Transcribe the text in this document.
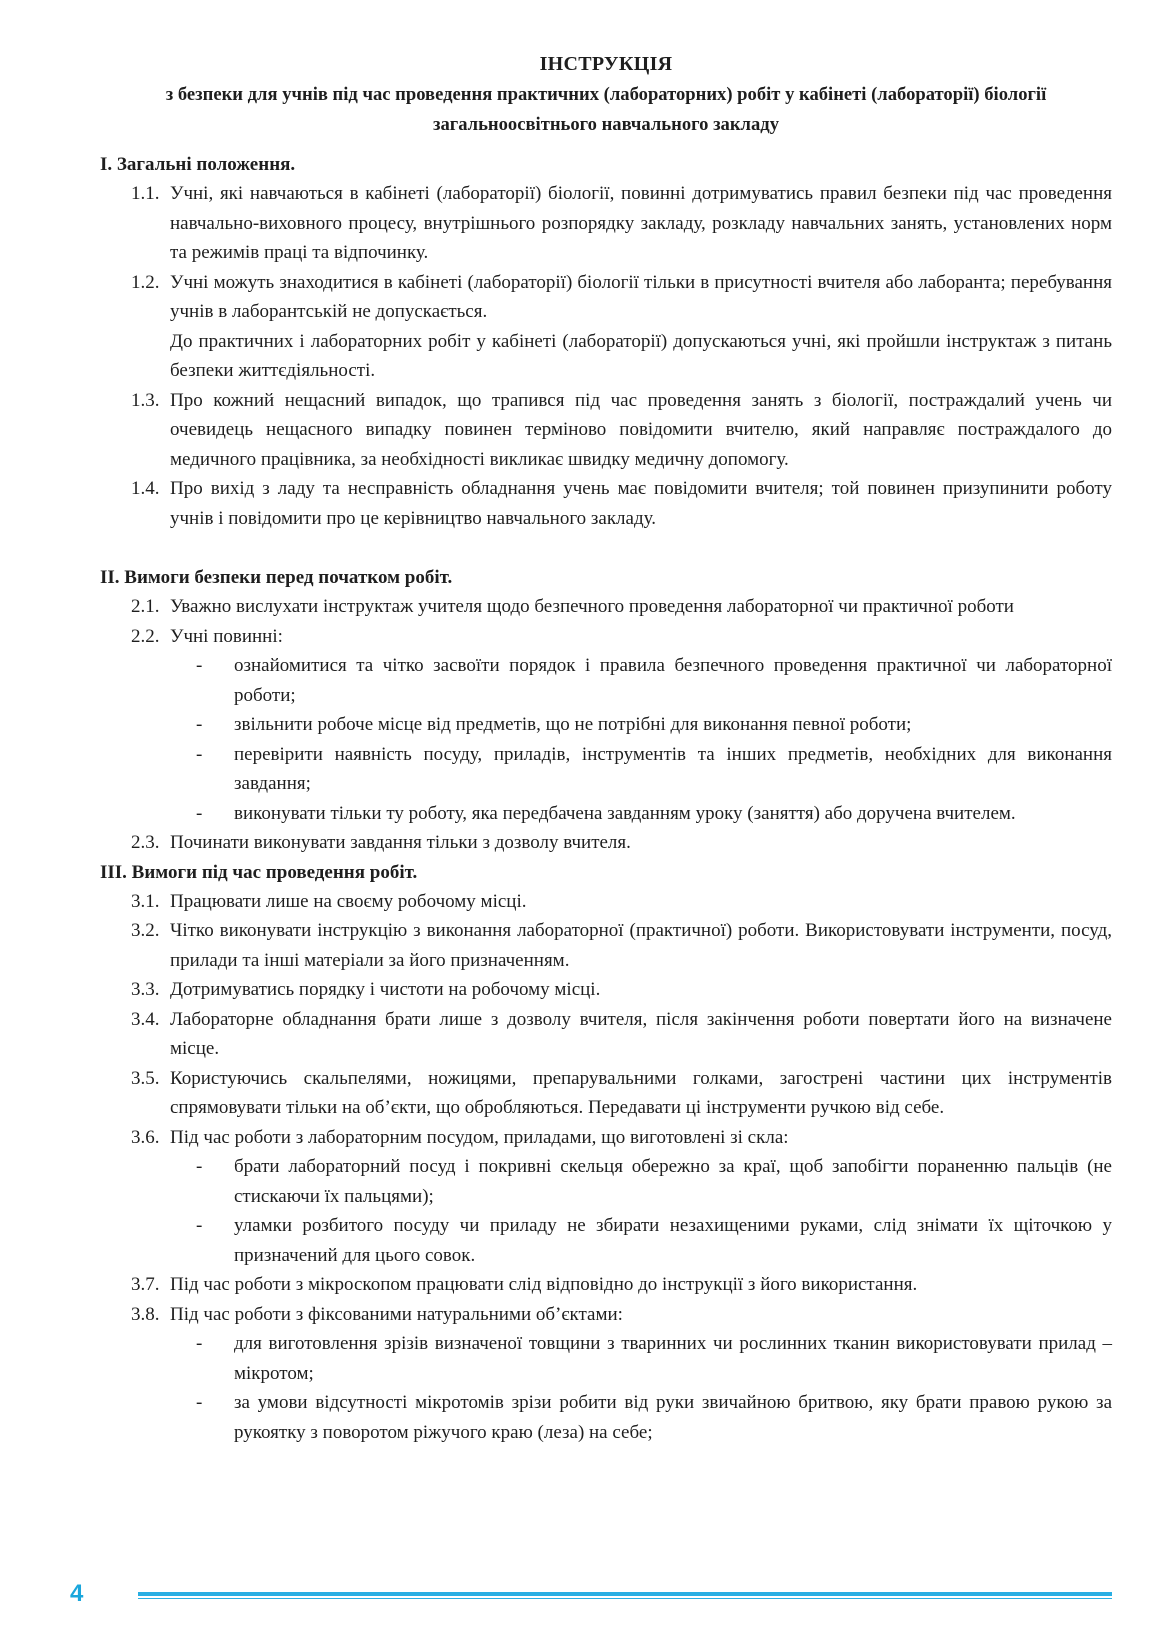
ІНСТРУКЦІЯ
з безпеки для учнів під час проведення практичних (лабораторних) робіт у кабінеті (лабораторії) біології
загальноосвітнього навчального закладу
I. Загальні положення.
1.1. Учні, які навчаються в кабінеті (лабораторії) біології, повинні дотримуватись правил безпеки під час проведення навчально-виховного процесу, внутрішнього розпорядку закладу, розкладу навчальних занять, установлених норм та режимів праці та відпочинку.

1.2. Учні можуть знаходитися в кабінеті (лабораторії) біології тільки в присутності вчителя або лаборанта; перебування учнів в лаборантській не допускається.

До практичних і лабораторних робіт у кабінеті (лабораторії) допускаються учні, які пройшли інструктаж з питань безпеки життєдіяльності.

1.3. Про кожний нещасний випадок, що трапився під час проведення занять з біології, постраждалий учень чи очевидець нещасного випадку повинен терміново повідомити вчителю, який направляє постраждалого до медичного працівника, за необхідності викликає швидку медичну допомогу.

1.4. Про вихід з ладу та несправність обладнання учень має повідомити вчителя; той повинен призупинити роботу учнів і повідомити про це керівництво навчального закладу.

II. Вимоги безпеки перед початком робіт.
2.1. Уважно вислухати інструктаж учителя щодо безпечного проведення лабораторної чи практичної роботи

2.2. Учні повинні:

- ознайомитися та чітко засвоїти порядок і правила безпечного проведення практичної чи лабораторної роботи;
- звільнити робоче місце від предметів, що не потрібні для виконання певної роботи;
- перевірити наявність посуду, приладів, інструментів та інших предметів, необхідних для виконання завдання;
- виконувати тільки ту роботу, яка передбачена завданням уроку (заняття) або доручена вчителем.
2.3. Починати виконувати завдання тільки з дозволу вчителя.

III. Вимоги під час проведення робіт.
3.1. Працювати лише на своєму робочому місці.

3.2. Чітко виконувати інструкцію з виконання лабораторної (практичної) роботи. Використовувати інструменти, посуд, прилади та інші матеріали за його призначенням.

3.3. Дотримуватись порядку і чистоти на робочому місці.

3.4. Лабораторне обладнання брати лише з дозволу вчителя, після закінчення роботи повертати його на визначене місце.

3.5. Користуючись скальпелями, ножицями, препарувальними голками, загострені частини цих інструментів спрямовувати тільки на об’єкти, що обробляються. Передавати ці інструменти ручкою від себе.

3.6. Під час роботи з лабораторним посудом, приладами, що виготовлені зі скла:

- брати лабораторний посуд і покривні скельця обережно за краї, щоб запобігти пораненню пальців (не стискаючи їх пальцями);
- уламки розбитого посуду чи приладу не збирати незахищеними руками, слід знімати їх щіточкою у призначений для цього совок.
3.7. Під час роботи з мікроскопом працювати слід відповідно до інструкції з його використання.

3.8. Під час роботи з фіксованими натуральними об’єктами:

- для виготовлення зрізів визначеної товщини з тваринних чи рослинних тканин використовувати прилад – мікротом;
- за умови відсутності мікротомів зрізи робити від руки звичайною бритвою, яку брати правою рукою за рукоятку з поворотом ріжучого краю (леза) на себе;
4
